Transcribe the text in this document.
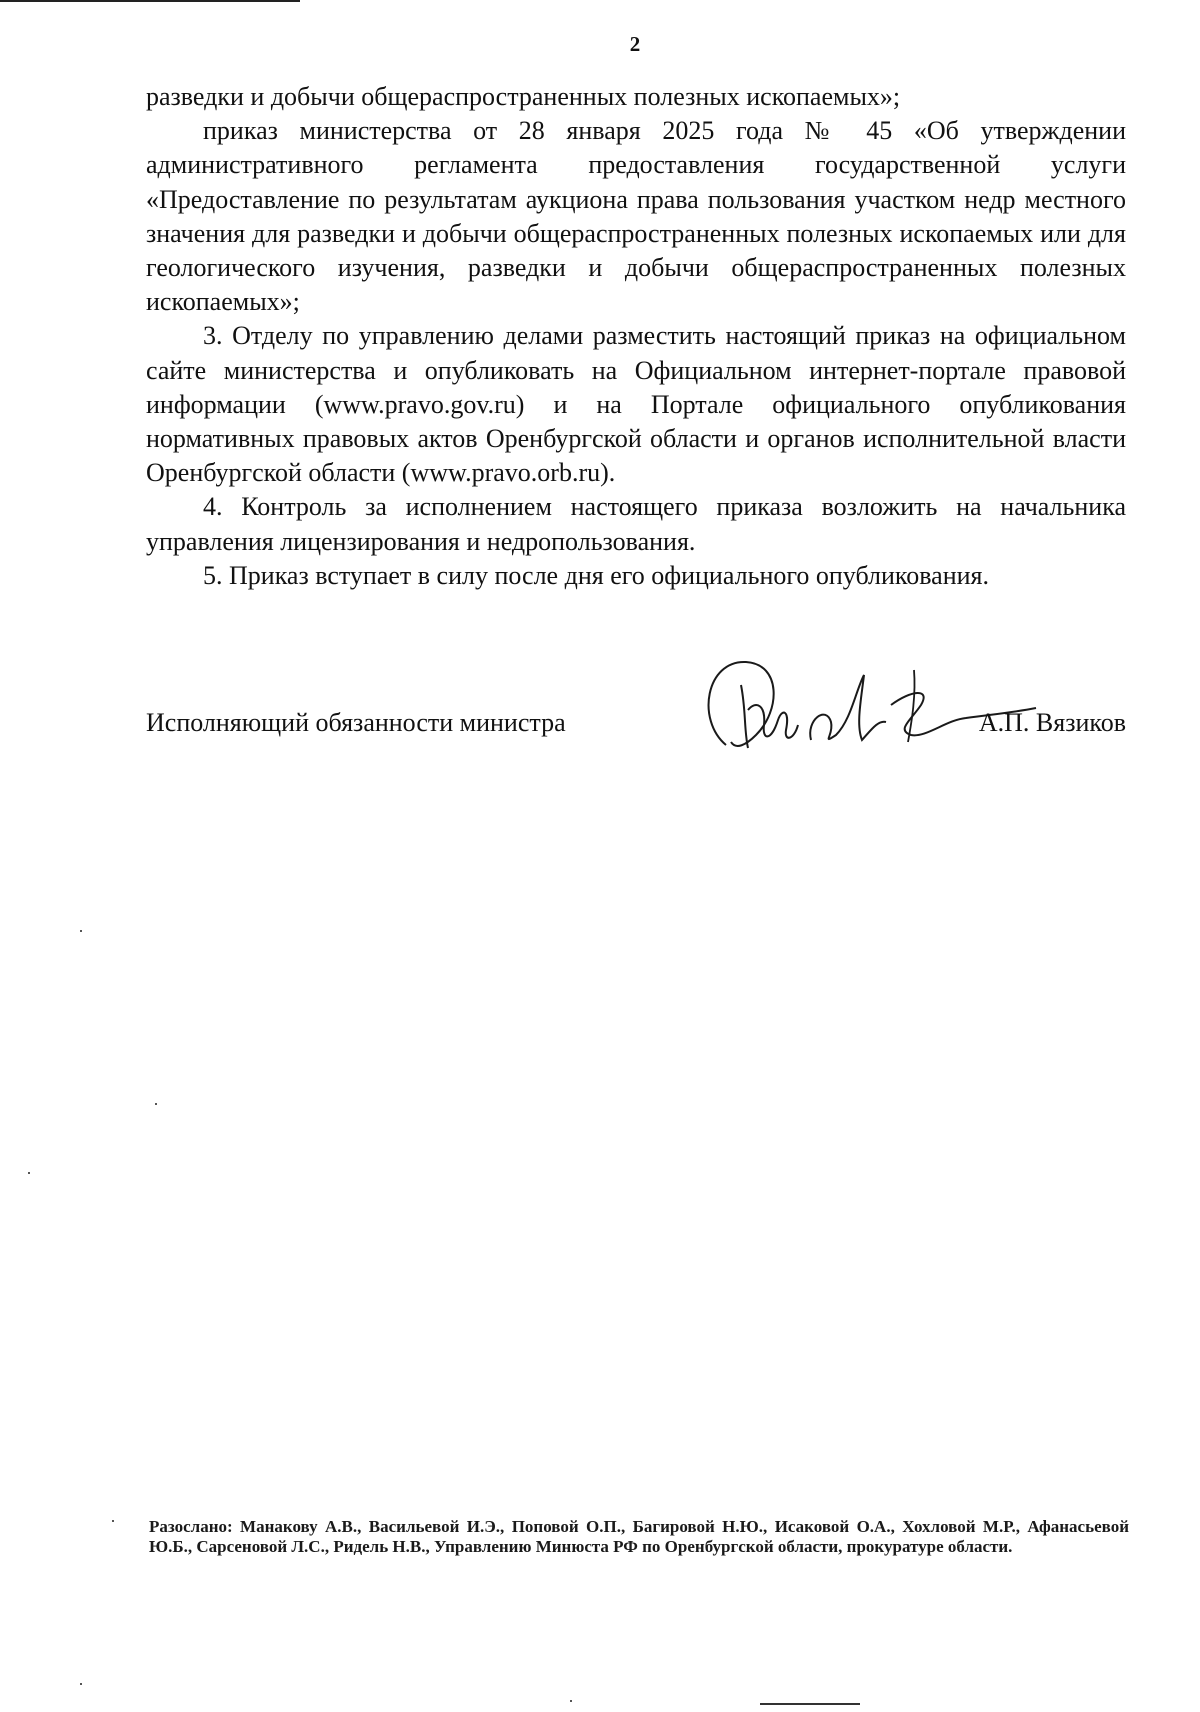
2

разведки и добычи общераспространенных полезных ископаемых»;

приказ министерства от 28 января 2025 года № 45 «Об утверждении административного регламента предоставления государственной услуги «Предоставление по результатам аукциона права пользования участком недр местного значения для разведки и добычи общераспространенных полезных ископаемых или для геологического изучения, разведки и добычи общераспространенных полезных ископаемых»;

3. Отделу по управлению делами разместить настоящий приказ на официальном сайте министерства и опубликовать на Официальном интернет-портале правовой информации (www.pravo.gov.ru) и на Портале официального опубликования нормативных правовых актов Оренбургской области и органов исполнительной власти Оренбургской области (www.pravo.orb.ru).

4. Контроль за исполнением настоящего приказа возложить на начальника управления лицензирования и недропользования.

5. Приказ вступает в силу после дня его официального опубликования.

Исполняющий обязанности министра	А.П. Вязиков
Разослано: Манакову А.В., Васильевой И.Э., Поповой О.П., Багировой Н.Ю., Исаковой О.А., Хохловой М.Р., Афанасьевой Ю.Б., Сарсеновой Л.С., Ридель Н.В., Управлению Минюста РФ по Оренбургской области, прокуратуре области.
